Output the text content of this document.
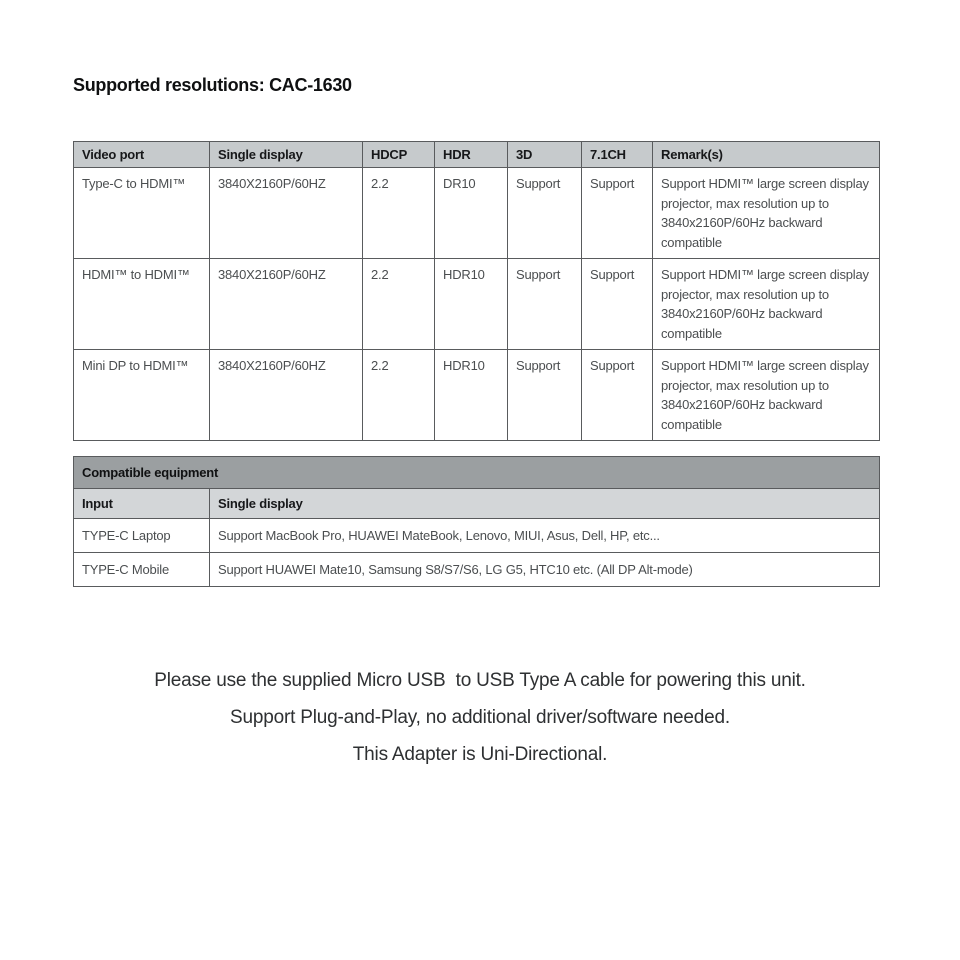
Supported resolutions: CAC-1630
Video port	Single display	HDCP	HDR	3D	7.1CH	Remark(s)
Type-C to HDMI™	3840X2160P/60HZ	2.2	DR10	Support	Support	Support HDMI™ large screen display projector, max resolution up to 3840x2160P/60Hz backward compatible
HDMI™ to HDMI™	3840X2160P/60HZ	2.2	HDR10	Support	Support	Support HDMI™ large screen display projector, max resolution up to 3840x2160P/60Hz backward compatible
Mini DP to HDMI™	3840X2160P/60HZ	2.2	HDR10	Support	Support	Support HDMI™ large screen display projector, max resolution up to 3840x2160P/60Hz backward compatible
Compatible equipment	
Input	Single display
TYPE-C Laptop	Support MacBook Pro, HUAWEI MateBook, Lenovo, MIUI, Asus, Dell, HP, etc...
TYPE-C Mobile	Support HUAWEI Mate10, Samsung S8/S7/S6, LG G5, HTC10 etc. (All DP Alt-mode)
Please use the supplied Micro USB  to USB Type A cable for powering this unit.
Support Plug-and-Play, no additional driver/software needed.
This Adapter is Uni-Directional.
